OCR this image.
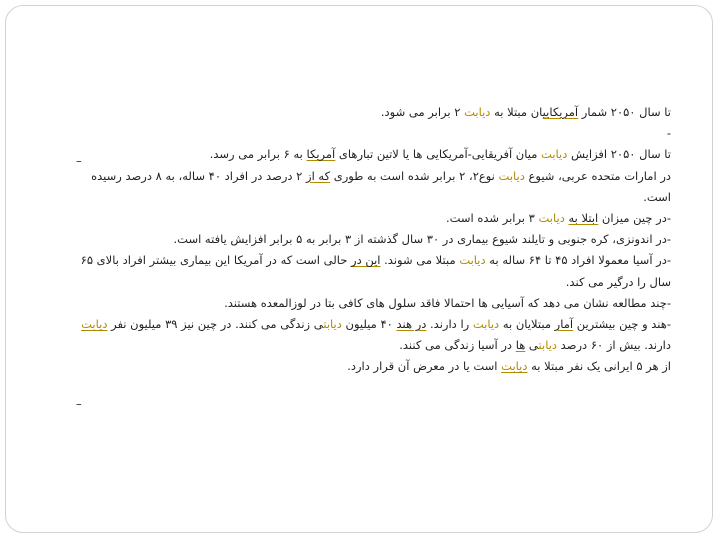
تا سال ۲۰۵۰ شمار آمریکاییان مبتلا به دیابت ۲ برابر می شود.
-
تا سال ۲۰۵۰ افزایش دیابت میان آفریقایی-آمریکایی ها یا لاتین تبارهای آمریکا به ۶ برابر می رسد.
در امارات متحده عربی، شیوع دیابت نوع۲، ۲ برابر شده است به طوری که از ۲ درصد در افراد ۴۰ ساله، به ۸ درصد رسیده است.
-در چین میزان ابتلا به دیابت ۳ برابر شده است.
-در اندونزی، کره جنوبی و تایلند شیوع بیماری در ۳۰ سال گذشته از ۳ برابر به ۵ برابر افزایش یافته است.
-در آسیا معمولا افراد ۴۵ تا ۶۴ ساله به دیابت مبتلا می شوند. این در حالی است که در آمریکا این بیماری بیشتر افراد بالای ۶۵ سال را درگیر می کند.
-چند مطالعه نشان می دهد که آسیایی ها احتمالا فاقد سلول های کافی بتا در لوزالمعده هستند.
-هند و چین بیشترین آمار مبتلایان به دیابت را دارند. در هند ۴۰ میلیون دیابتی زندگی می کنند. در چین نیز ۳۹ میلیون نفر دیابت دارند. بیش از ۶۰ درصد دیابتی ها در آسیا زندگی می کنند.
از هر ۵ ایرانی یک نفر مبتلا به دیابت است یا در معرض آن قرار دارد.
–
–
